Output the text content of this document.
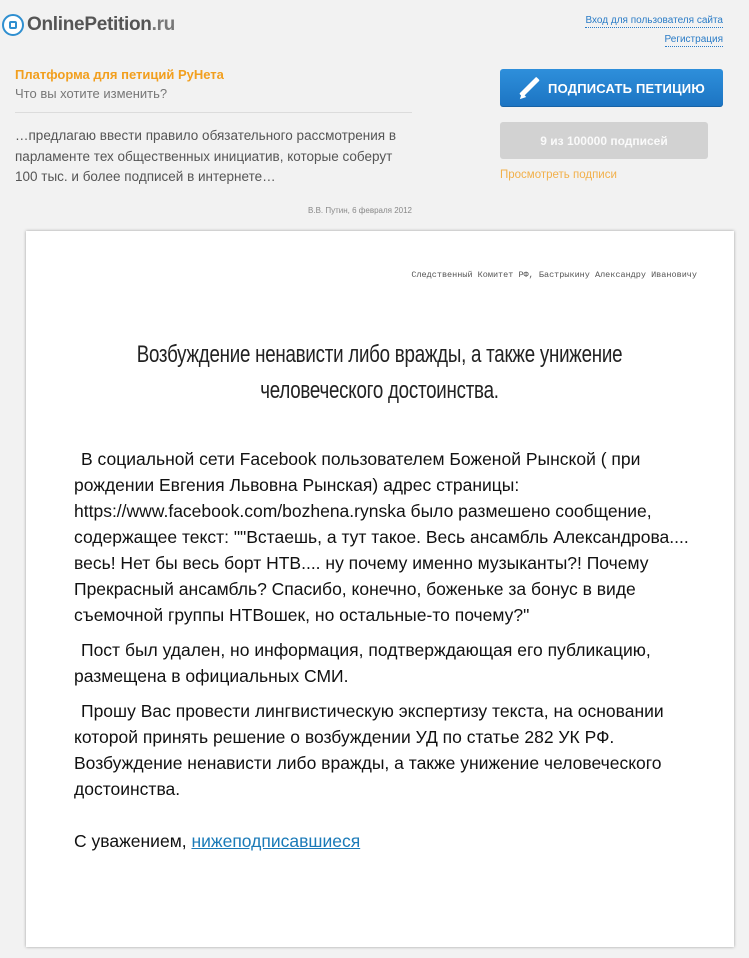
OnlinePetition.ru	Вход для пользователя сайта
Регистрация
Платформа для петиций РуНета
Что вы хотите изменить?
…предлагаю ввести правило обязательного рассмотрения в парламенте тех общественных инициатив, которые соберут 100 тыс. и более подписей в интернете…
В.В. Путин, 6 февраля 2012
ПОДПИСАТЬ ПЕТИЦИЮ
9 из 100000 подписей
Просмотреть подписи
Следственный Комитет РФ, Бастрыкину Александру Ивановичу
Возбуждение ненависти либо вражды, а также унижение человеческого достоинства.

В социальной сети Facebook пользователем Боженой Рынской ( при рождении Евгения Львовна Рынская) адрес страницы: https://www.facebook.com/bozhena.rynska было размешено сообщение, содержащее текст: ""Встаешь, а тут такое. Весь ансамбль Александрова.... весь! Нет бы весь борт НТВ.... ну почему именно музыканты?! Почему Прекрасный ансамбль? Спасибо, конечно, боженьке за бонус в виде съемочной группы НТВошек, но остальные-то почему?"

Пост был удален, но информация, подтверждающая его публикацию, размещена в официальных СМИ.

Прошу Вас провести лингвистическую экспертизу текста, на основании которой принять решение о возбуждении УД по статье 282 УК РФ.

Возбуждение ненависти либо вражды, а также унижение человеческого достоинства.

С уважением, нижеподписавшиеся
